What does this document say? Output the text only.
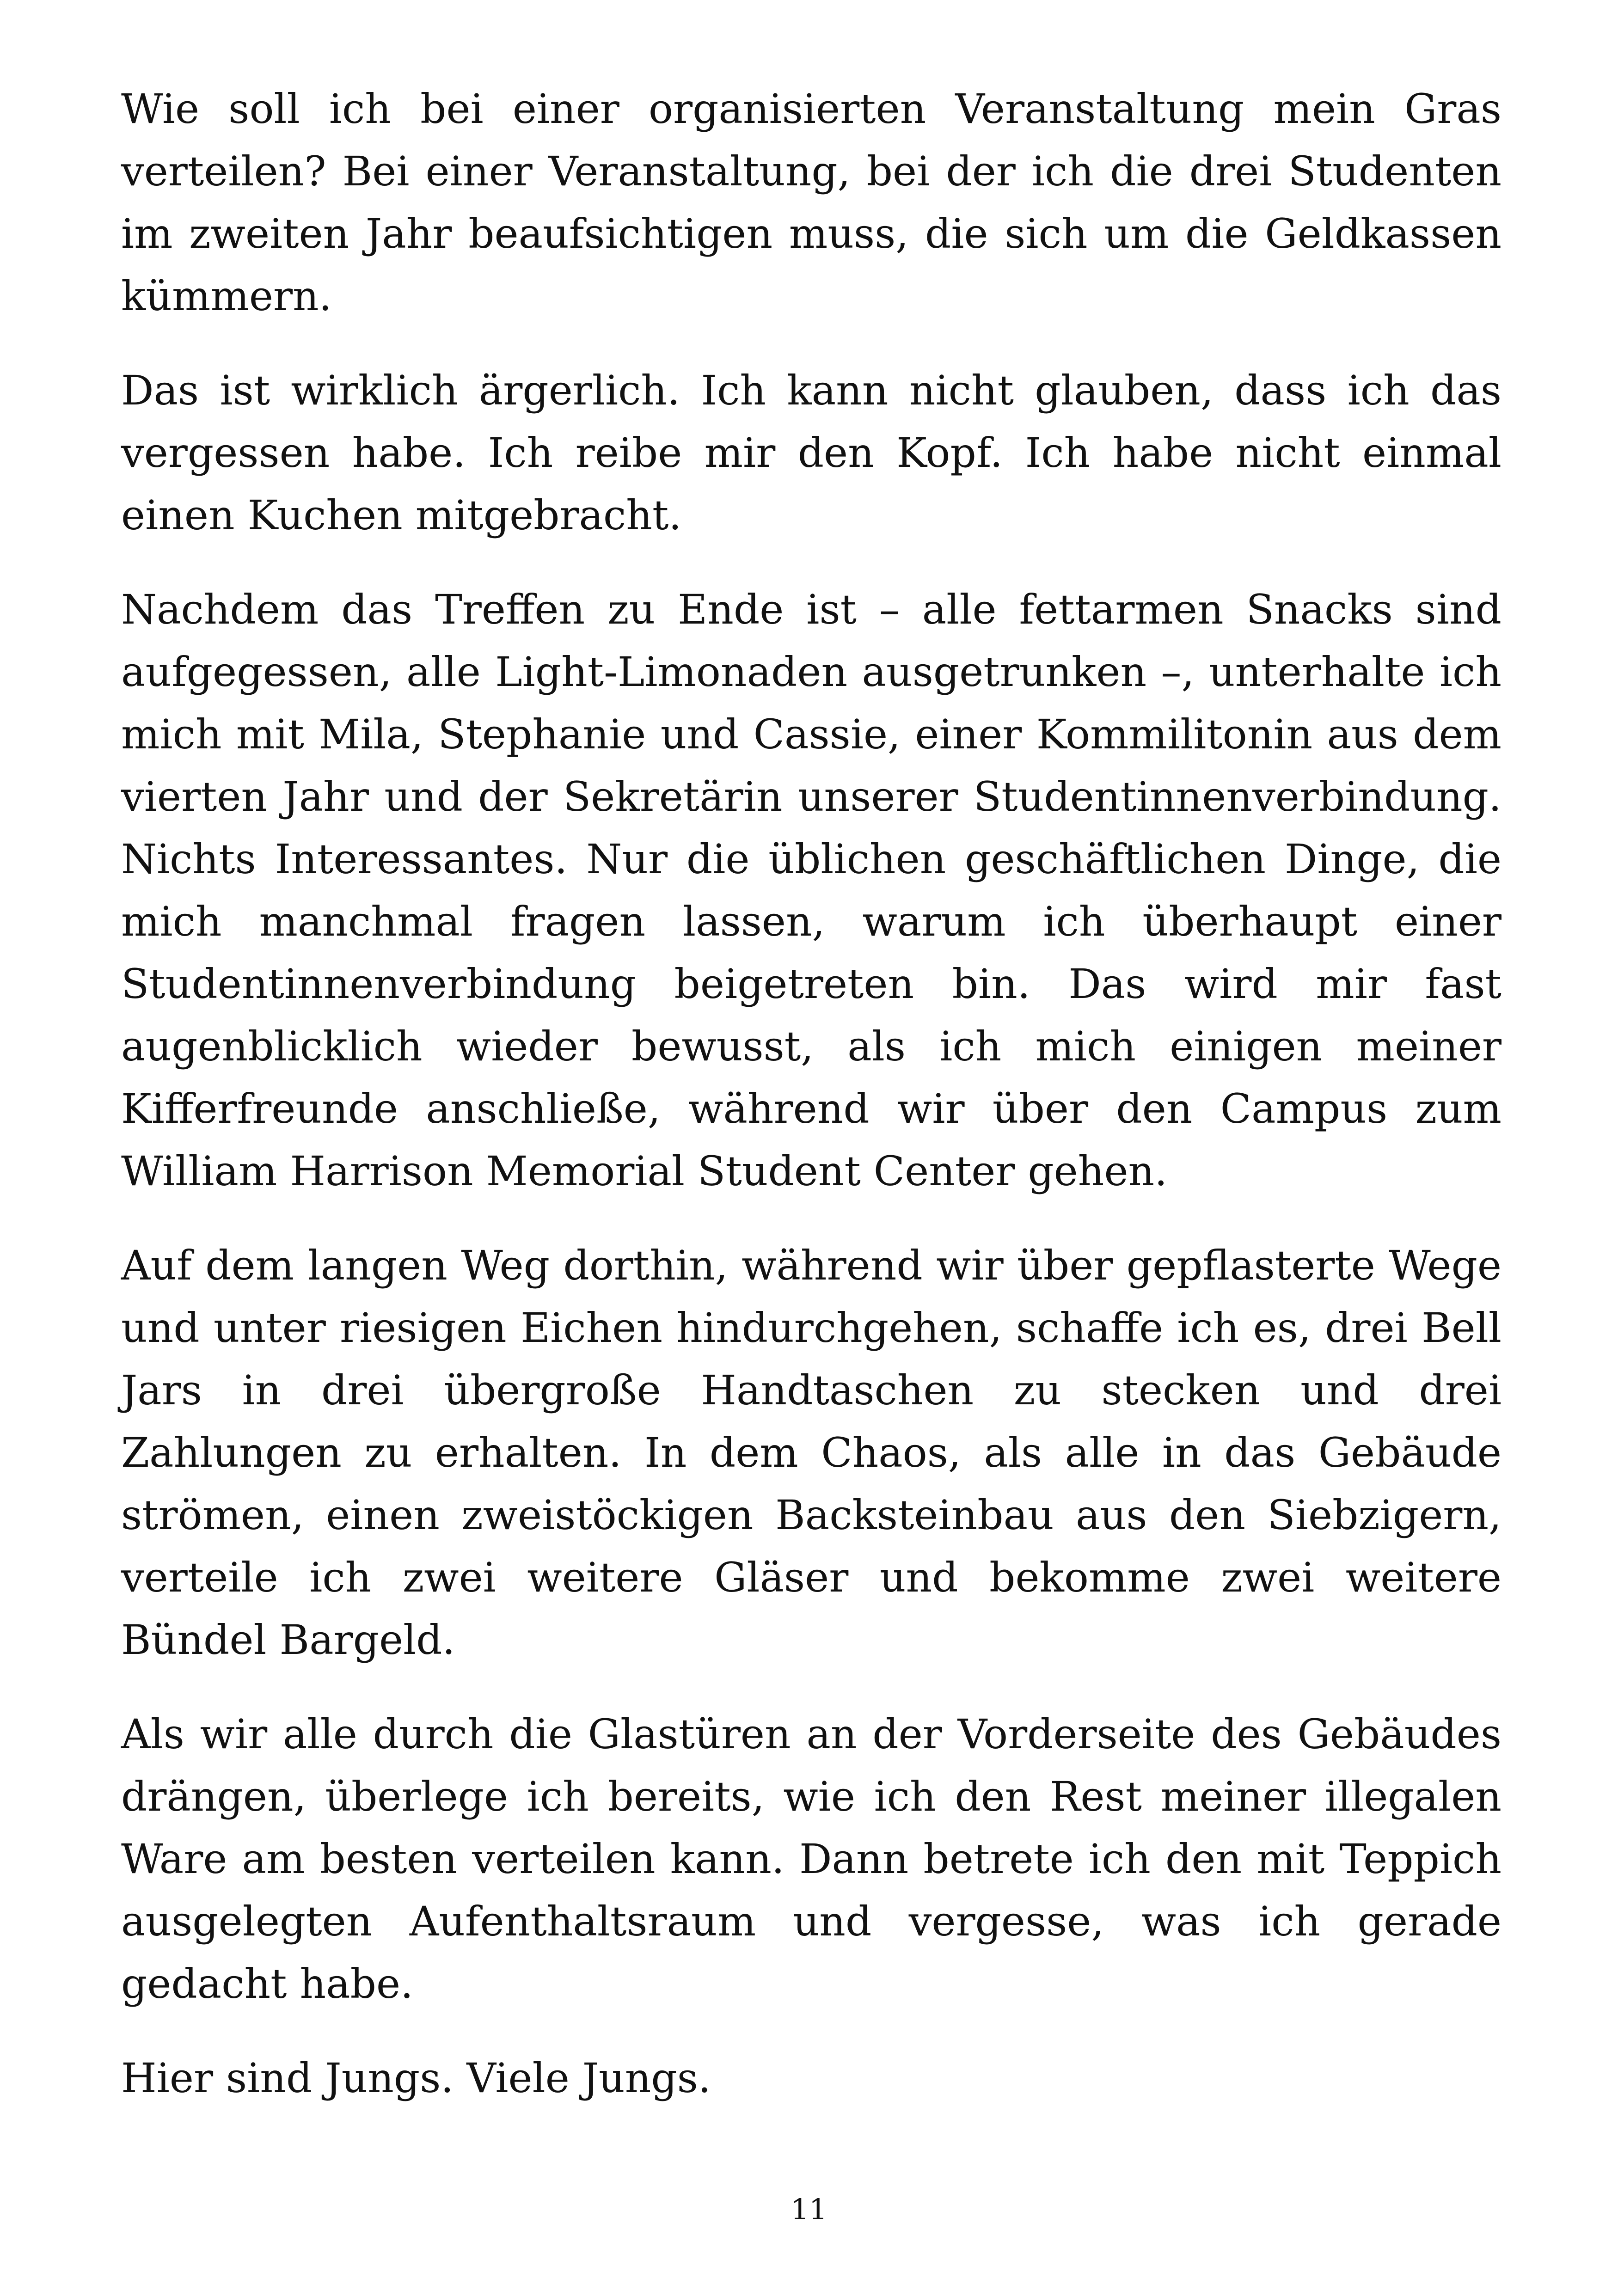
Wie soll ich bei einer organisierten Veranstaltung mein Gras verteilen? Bei einer Veranstaltung, bei der ich die drei Studenten im zweiten Jahr beaufsichtigen muss, die sich um die Geldkassen kümmern.

Das ist wirklich ärgerlich. Ich kann nicht glauben, dass ich das vergessen habe. Ich reibe mir den Kopf. Ich habe nicht einmal einen Kuchen mitgebracht.

Nachdem das Treffen zu Ende ist – alle fettarmen Snacks sind aufgegessen, alle Light-Limonaden ausgetrunken –, unterhalte ich mich mit Mila, Stephanie und Cassie, einer Kommilitonin aus dem vierten Jahr und der Sekretärin unserer Studentinnenverbindung. Nichts Interessantes. Nur die üblichen geschäftlichen Dinge, die mich manchmal fragen lassen, warum ich überhaupt einer Studentinnenverbindung beigetreten bin. Das wird mir fast augenblicklich wieder bewusst, als ich mich einigen meiner Kifferfreunde anschließe, während wir über den Campus zum William Harrison Memorial Student Center gehen.

Auf dem langen Weg dorthin, während wir über gepflasterte Wege und unter riesigen Eichen hindurchgehen, schaffe ich es, drei Bell Jars in drei übergroße Handtaschen zu stecken und drei Zahlungen zu erhalten. In dem Chaos, als alle in das Gebäude strömen, einen zweistöckigen Backsteinbau aus den Siebzigern, verteile ich zwei weitere Gläser und bekomme zwei weitere Bündel Bargeld.

Als wir alle durch die Glastüren an der Vorderseite des Gebäudes drängen, überlege ich bereits, wie ich den Rest meiner illegalen Ware am besten verteilen kann. Dann betrete ich den mit Teppich ausgelegten Aufenthaltsraum und vergesse, was ich gerade gedacht habe.

Hier sind Jungs. Viele Jungs.

11
